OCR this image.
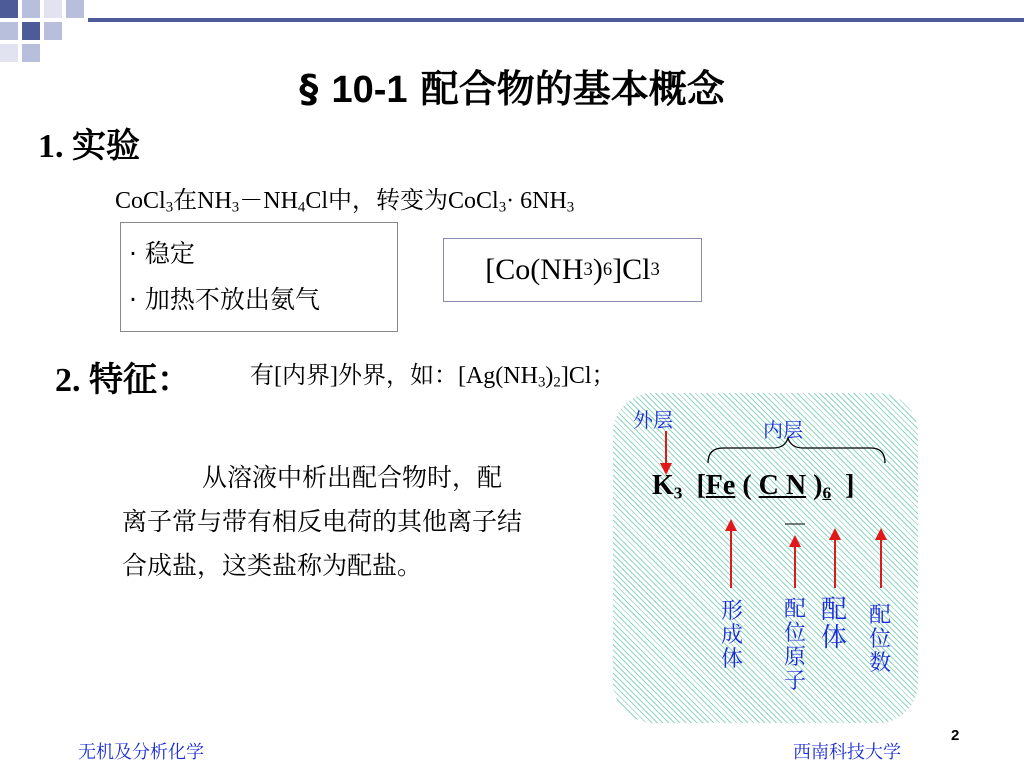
§ 10-1 配合物的基本概念
1. 实验
CoCl$_3$在$NH_3-NH_4Cl$中，转变为CoCl$_3$· $6NH_3$
· 稳定
· 加热不放出氨气
[Co(NH 3 ) 6 ]Cl 3
2. 特征： 有[内界]外界，如：$[Ag(NH_3)_2]Cl$；
从溶液中析出配合物时，配离子常与带有相反电荷的其他离子结合成盐，这类盐称为配盐。
外层	内层
$K_3$ [Fe ( C N )$_6$ ]
形成体
配位原子
配体
配位数
2
无机及分析化学	西南科技大学
